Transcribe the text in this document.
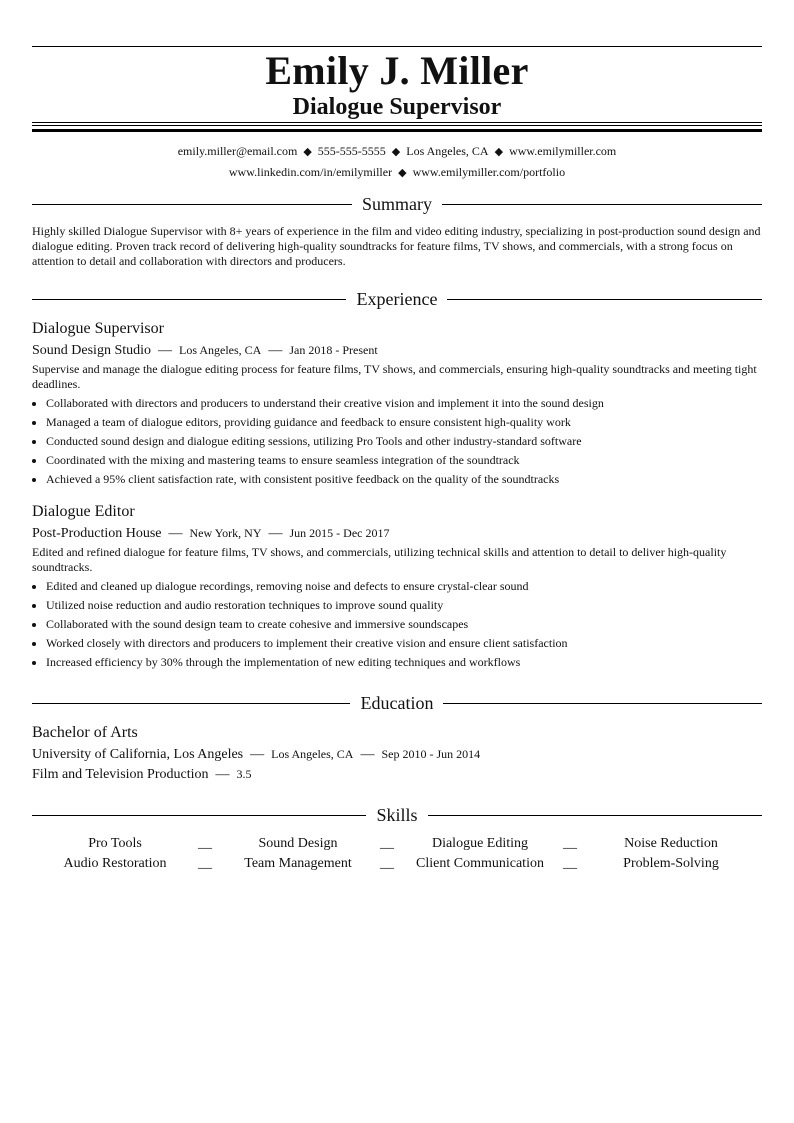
Emily J. Miller
Dialogue Supervisor
emily.miller@email.com ◆ 555-555-5555 ◆ Los Angeles, CA ◆ www.emilymiller.com
www.linkedin.com/in/emilymiller ◆ www.emilymiller.com/portfolio
Summary
Highly skilled Dialogue Supervisor with 8+ years of experience in the film and video editing industry, specializing in post-production sound design and dialogue editing. Proven track record of delivering high-quality soundtracks for feature films, TV shows, and commercials, with a strong focus on attention to detail and collaboration with directors and producers.
Experience
Dialogue Supervisor
Sound Design Studio — Los Angeles, CA — Jan 2018 - Present
Supervise and manage the dialogue editing process for feature films, TV shows, and commercials, ensuring high-quality soundtracks and meeting tight deadlines.
Collaborated with directors and producers to understand their creative vision and implement it into the sound design
Managed a team of dialogue editors, providing guidance and feedback to ensure consistent high-quality work
Conducted sound design and dialogue editing sessions, utilizing Pro Tools and other industry-standard software
Coordinated with the mixing and mastering teams to ensure seamless integration of the soundtrack
Achieved a 95% client satisfaction rate, with consistent positive feedback on the quality of the soundtracks
Dialogue Editor
Post-Production House — New York, NY — Jun 2015 - Dec 2017
Edited and refined dialogue for feature films, TV shows, and commercials, utilizing technical skills and attention to detail to deliver high-quality soundtracks.
Edited and cleaned up dialogue recordings, removing noise and defects to ensure crystal-clear sound
Utilized noise reduction and audio restoration techniques to improve sound quality
Collaborated with the sound design team to create cohesive and immersive soundscapes
Worked closely with directors and producers to implement their creative vision and ensure client satisfaction
Increased efficiency by 30% through the implementation of new editing techniques and workflows
Education
Bachelor of Arts
University of California, Los Angeles — Los Angeles, CA — Sep 2010 - Jun 2014
Film and Television Production — 3.5
Skills
Pro Tools	__	Sound Design	__	Dialogue Editing	__	Noise Reduction
Audio Restoration	__	Team Management	__	Client Communication	__	Problem-Solving
